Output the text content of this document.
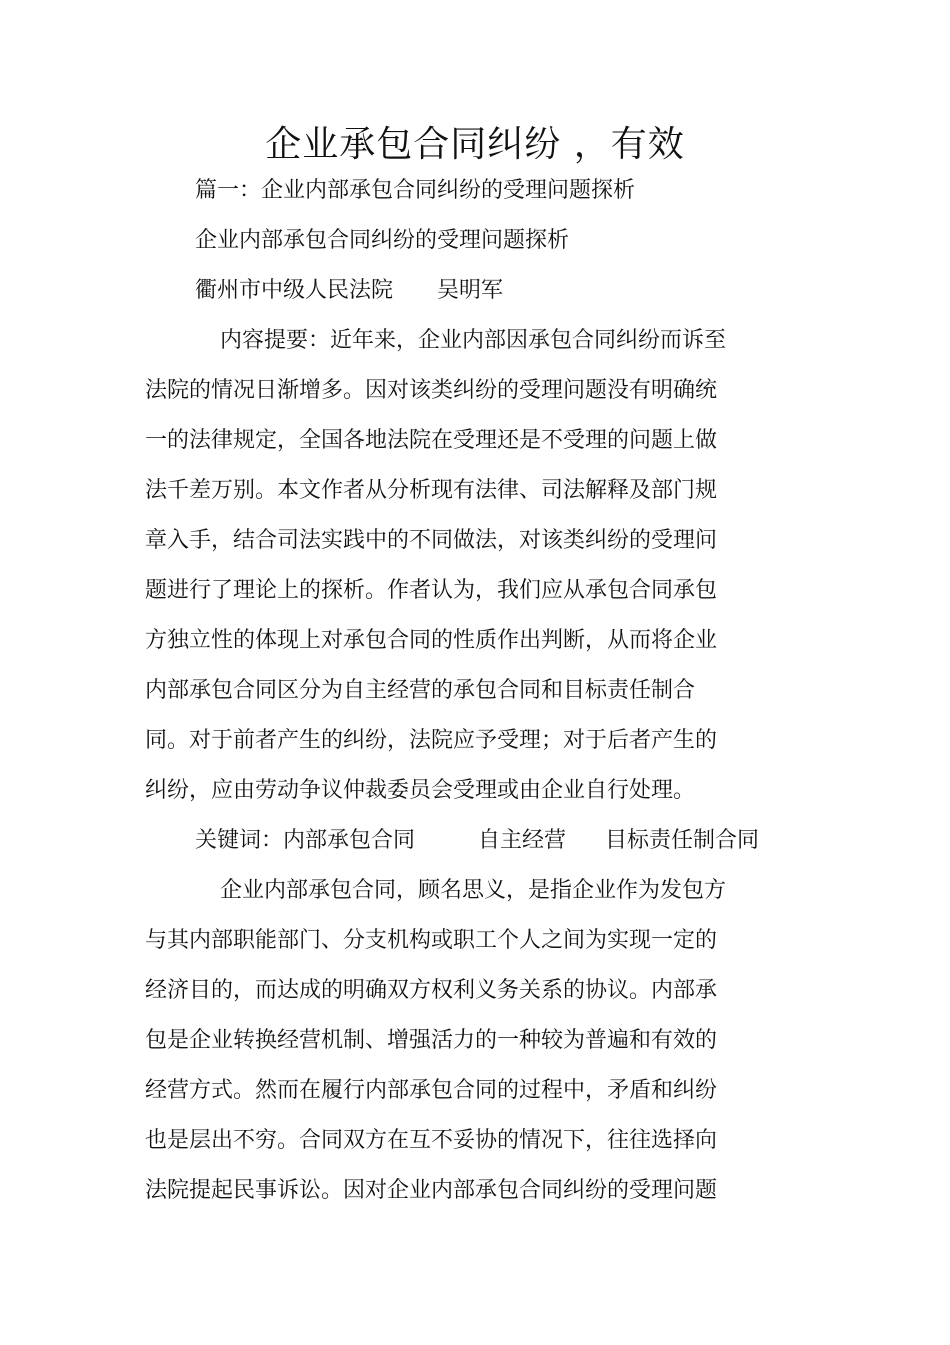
企业承包合同纠纷 ，有效
篇一：企业内部承包合同纠纷的受理问题探析
企业内部承包合同纠纷的受理问题探析
衢州市中级人民法院 吴明军
内容提要：近年来，企业内部因承包合同纠纷而诉至
法院的情况日渐增多。因对该类纠纷的受理问题没有明确统
一的法律规定，全国各地法院在受理还是不受理的问题上做
法千差万别。本文作者从分析现有法律、司法解释及部门规
章入手，结合司法实践中的不同做法，对该类纠纷的受理问
题进行了理论上的探析。作者认为，我们应从承包合同承包
方独立性的体现上对承包合同的性质作出判断，从而将企业
内部承包合同区分为自主经营的承包合同和目标责任制合
同。对于前者产生的纠纷，法院应予受理；对于后者产生的
纠纷，应由劳动争议仲裁委员会受理或由企业自行处理。
关键词：内部承包合同	自主经营 目标责任制合同
企业内部承包合同，顾名思义，是指企业作为发包方
与其内部职能部门、分支机构或职工个人之间为实现一定的
经济目的，而达成的明确双方权利义务关系的协议。内部承
包是企业转换经营机制、增强活力的一种较为普遍和有效的
经营方式。然而在履行内部承包合同的过程中，矛盾和纠纷
也是层出不穷。合同双方在互不妥协的情况下，往往选择向
法院提起民事诉讼。因对企业内部承包合同纠纷的受理问题
